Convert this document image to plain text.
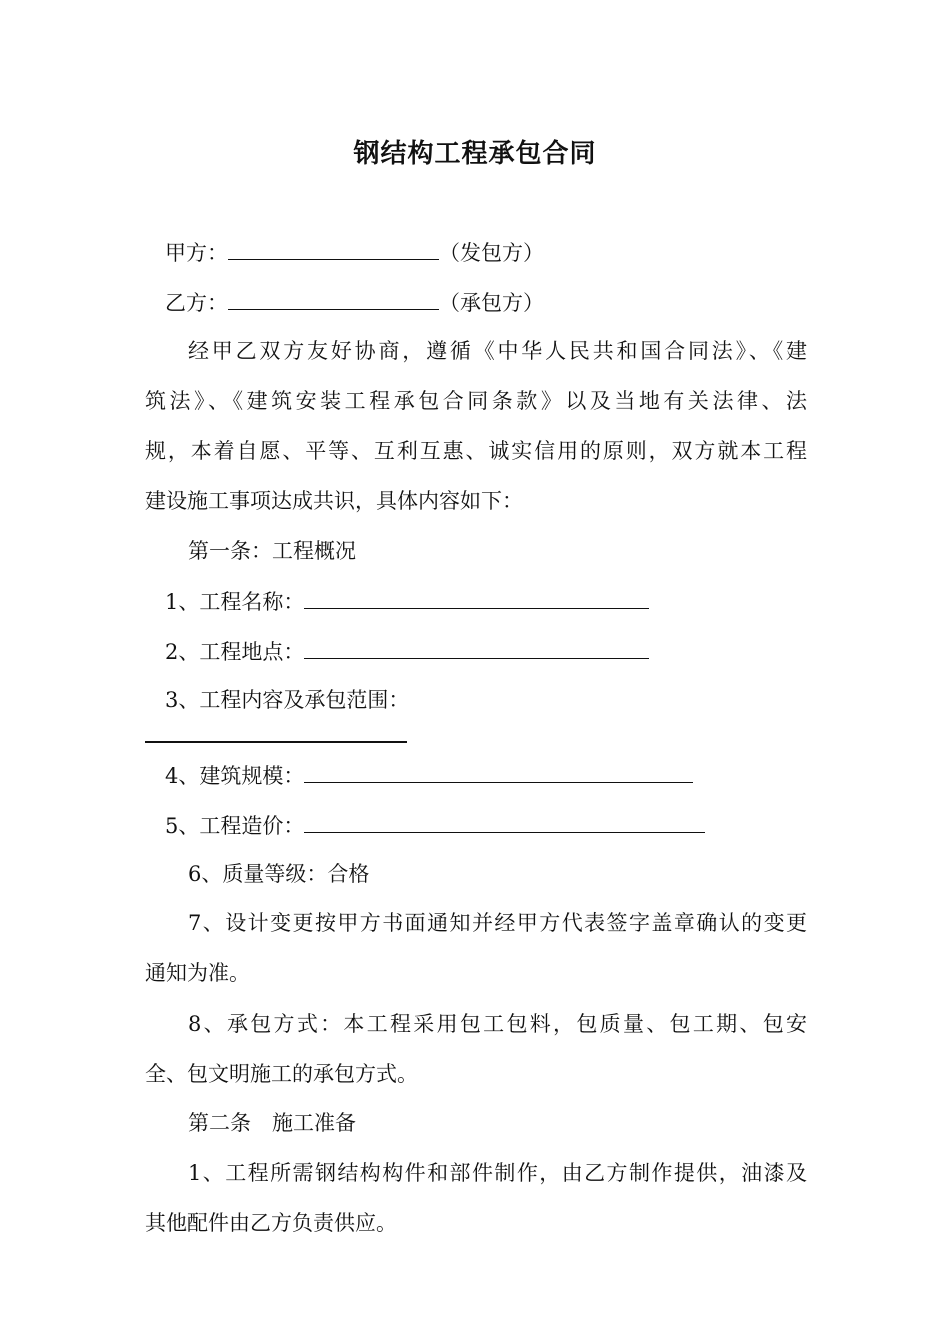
钢结构工程承包合同
甲方：	（发包方）
乙方：	（承包方）
经甲乙双方友好协商，遵循《中华人民共和国合同法》、《建
筑法》、《建筑安装工程承包合同条款》以及当地有关法律、法
规，本着自愿、平等、互利互惠、诚实信用的原则，双方就本工程
建设施工事项达成共识，具体内容如下：
第一条：工程概况
1、工程名称：
2、工程地点：
3、工程内容及承包范围：
4、建筑规模：
5、工程造价：
6、质量等级：合格
7、设计变更按甲方书面通知并经甲方代表签字盖章确认的变更
通知为准。
8、承包方式：本工程采用包工包料，包质量、包工期、包安
全、包文明施工的承包方式。
第二条　施工准备
1、工程所需钢结构构件和部件制作，由乙方制作提供，油漆及
其他配件由乙方负责供应。
